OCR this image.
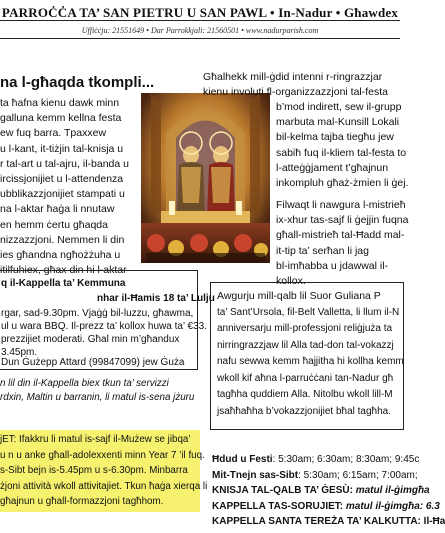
PARROĊĊA TA’ SAN PIETRU U SAN PAWL • In-Nadur • Għawdex
Uffiċċju: 21551649 • Dar Parrokkjali: 21560501 • www.nadurparish.com
na l-għaqda tkompli...
ta ħafna kienu dawk minn
galluna kemm kellna festa
ew fuq barra. Tpaxxew
u l-kant, it-tiżjin tal-knisja u
r tal-art u tal-ajru, il-banda u
ircissjonijiet u l-attendenza
ubblikazzjonijiet stampati u
na l-aktar ħaġa li nnutaw
en hemm ċertu għaqda
nizzazzjoni. Nemmen li din
ies għandna ngħożżuha u
itilfuhiex, għax din hi l-aktar
Għalhekk mill-ġdid intenni r-ringrazzjar
kienu involuti fl-organizzazzjoni tal-festa
b’mod indirett, sew il-grupp
marbuta mal-Kunsill Lokali
bil-kelma tajba tiegħu jew
sabiħ fuq il-kliem tal-festa to
l-atteġġjament t’għajnun
inkompluh għaż-żmien li ġej.
Filwaqt li nawgura l-mistrieħ
ix-xhur tas-sajf li ġejjin fuqna
għall-mistrieħ tal-Ħadd mal-
it-tip ta’ serħan li jag
bl-imħabba u jdawwal il-
kollox.
q il-Kappella ta’ Kemmuna
nhar il-Ħamis 18 ta’ Lulju
rgar, sad-9.30pm. Vjaġġ bil-luzzu, għawma,
ul u wara BBQ. Il-prezz ta’ kollox huwa ta’ €33.
prezzijiet moderati. Għal min m’għandux
3.45pm.
Dun Ġużepp Attard (99847099) jew Ġuża
n lil din il-Kappella biex tkun ta’ servizzi
rdxin, Maltin u barranin, li matul is-sena jżuru
jET: Ifakkru li matul is-sajf il-Mużew se jibqa’
u n u anke għall-adolexxenti minn Year 7 ’il fuq.
s-Sibt bejn is-5.45pm u s-6.30pm. Minbarra
żjoni attività wkoll attivitajiet. Tkun ħaġa xierqa li
għajnun u għall-formazzjoni tagħhom.
Awgurju mill-qalb lil Suor Guliana P
ta’ Sant’Ursola, fil-Belt Valletta, li llum il-N
anniversarju mill-professjoni reliġjuża ta
nirringrazzjaw lil Alla tad-don tal-vokazzj
nafu sewwa kemm ħajjitha hi kollha kemm
wkoll kif aħna l-parruċċani tan-Nadur għ
tagħha quddiem Alla. Nitolbu wkoll lill-M
jsaħħaħha b’vokazzjonijiet bħal tagħha.
Ħdud u Festi: 5:30am; 6:30am; 8:30am; 9:45c
Mit-Tnejn sas-Sibt: 5:30am; 6:15am; 7:00am;
KNISJA TAL-QALB TA’ ĠESÙ: matul il-ġimgħa
KAPPELLA TAS-SORUJIET: matul il-ġimgħa: 6.3
KAPPELLA SANTA TEREŻA TA’ KALKUTTA: Il-Ħa
